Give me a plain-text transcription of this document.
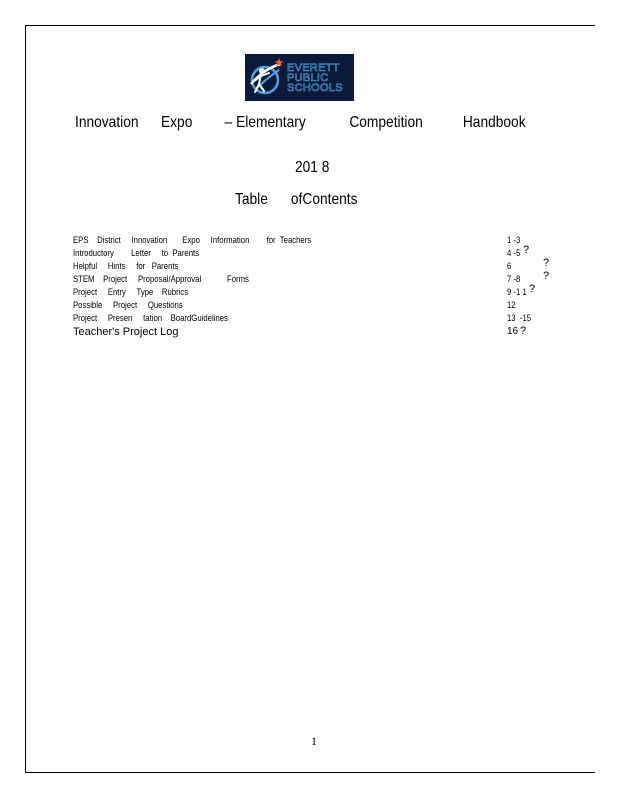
EVERETT
PUBLIC
SCHOOLS
Innovation Expo – Elementary	Competition	Handbook
201 8
Table ofContents
EPS    District     Innovation       Expo     Information        for  Teachers	1 -3
Introductory        Letter     to  Parents	4 -5 ?
Helpful     Hints     for   Parents	6	?
STEM    Project     Proposal/Approval            Forms	7 -8 ?
Project     Entry     Type    Rubrics	9 -1 1 ?
Possible     Project     Questions	12
Project     Presen     tation    BoardGuidelines	13  -15
Teacher's Project Log	16 ?
1
